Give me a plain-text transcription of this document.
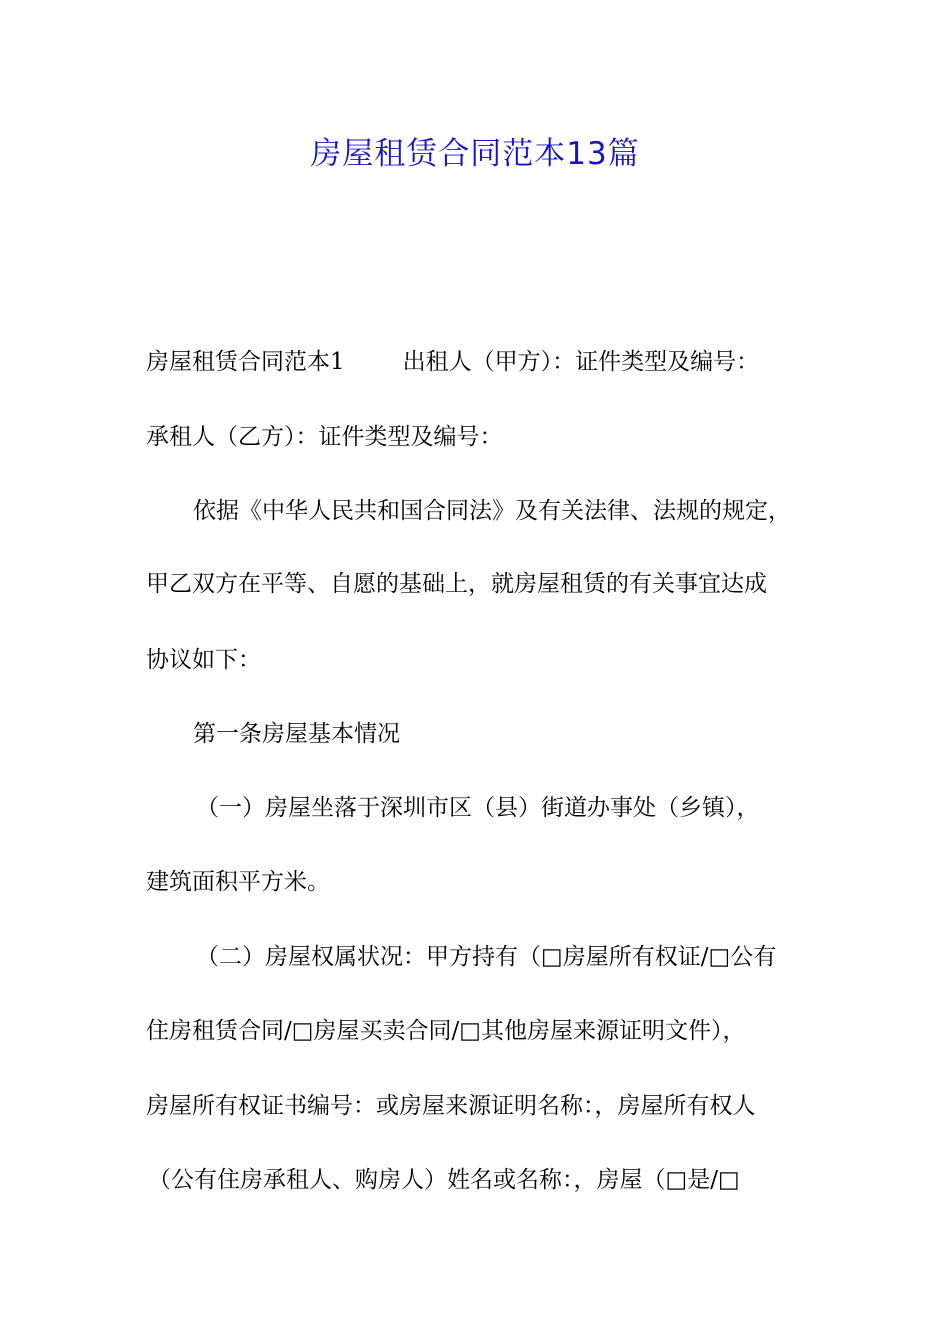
房屋租赁合同范本13篇
房屋租赁合同范本1	出租人（甲方）：证件类型及编号：
承租人（乙方）：证件类型及编号：
依据《中华人民共和国合同法》及有关法律、法规的规定，
甲乙双方在平等、自愿的基础上，就房屋租赁的有关事宜达成
协议如下：
第一条房屋基本情况
（一）房屋坐落于深圳市区（县）街道办事处（乡镇），
建筑面积平方米。
（二）房屋权属状况：甲方持有（□房屋所有权证/□公有
住房租赁合同/□房屋买卖合同/□其他房屋来源证明文件），
房屋所有权证书编号：或房屋来源证明名称：，房屋所有权人
（公有住房承租人、购房人）姓名或名称：，房屋（□是/□
